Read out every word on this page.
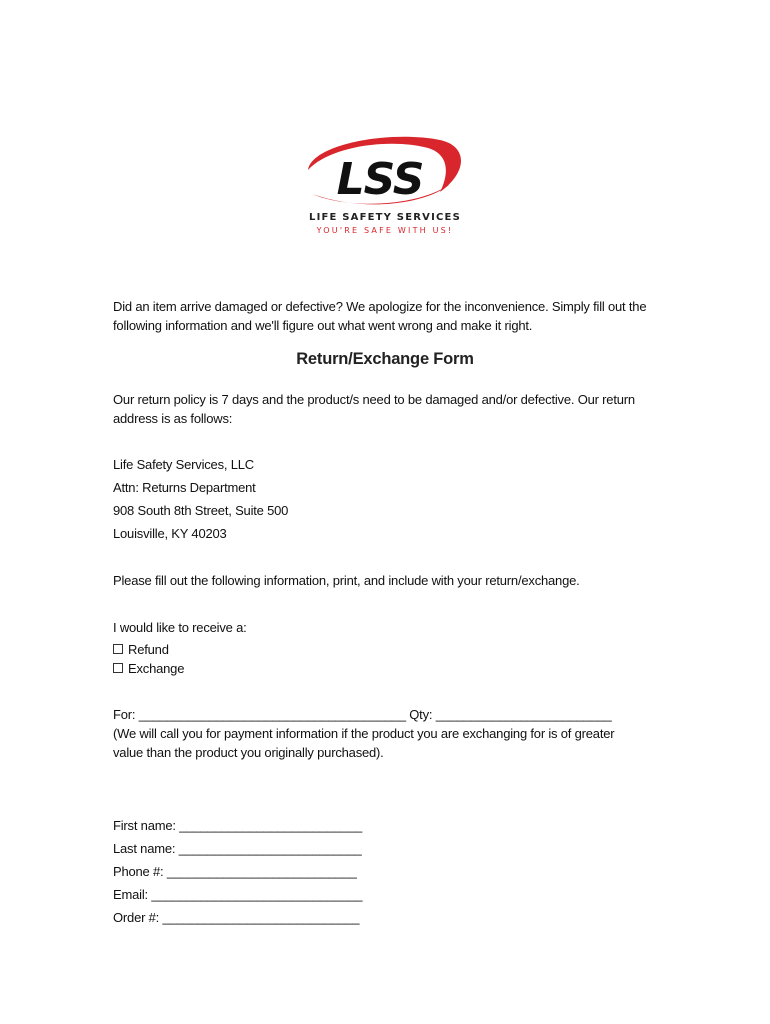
LSS
LIFE SAFETY SERVICES
YOU'RE SAFE WITH US!
Did an item arrive damaged or defective? We apologize for the inconvenience. Simply fill out the
following information and we'll figure out what went wrong and make it right.
Return/Exchange Form
Our return policy is 7 days and the product/s need to be damaged and/or defective. Our return
address is as follows:
Life Safety Services, LLC
Attn: Returns Department
908 South 8th Street, Suite 500
Louisville, KY 40203
Please fill out the following information, print, and include with your return/exchange.
I would like to receive a:
Refund
Exchange
For: ______________________________________ Qty: _________________________
(We will call you for payment information if the product you are exchanging for is of greater
value than the product you originally purchased).
First name: __________________________
Last name: __________________________
Phone #: ___________________________
Email: ______________________________
Order #: ____________________________
